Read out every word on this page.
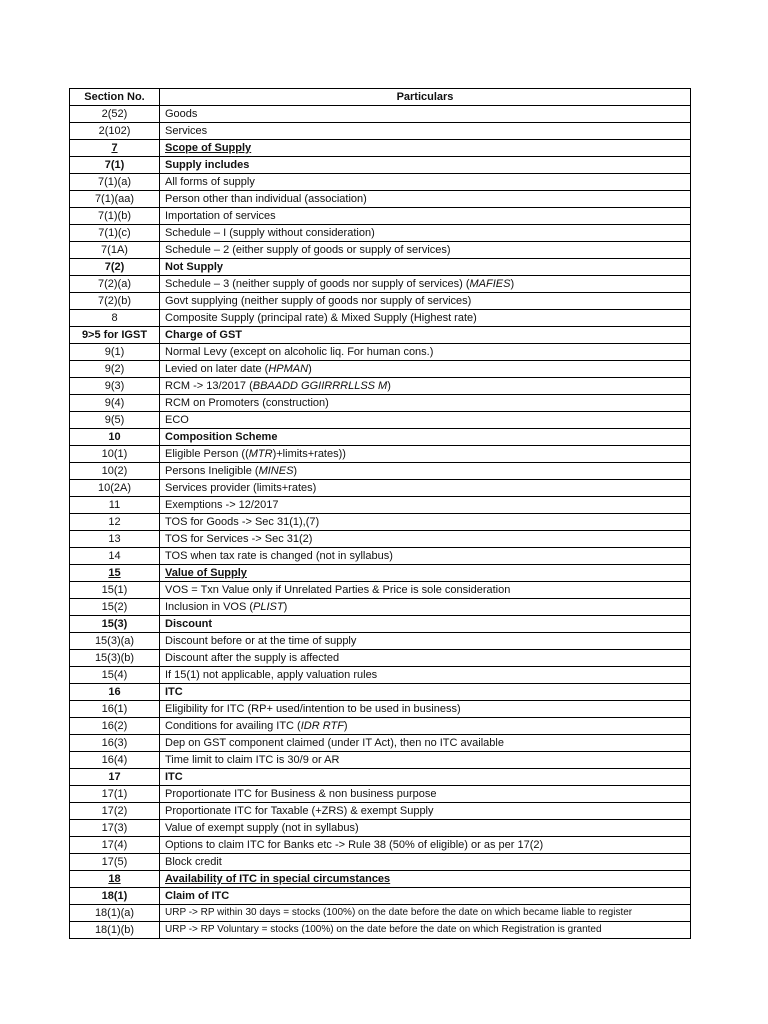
Section No.	Particulars
2(52)	Goods
2(102)	Services
7	Scope of Supply
7(1)	Supply includes
7(1)(a)	All forms of supply
7(1)(aa)	Person other than individual (association)
7(1)(b)	Importation of services
7(1)(c)	Schedule – I (supply without consideration)
7(1A)	Schedule – 2 (either supply of goods or supply of services)
7(2)	Not Supply
7(2)(a)	Schedule – 3 (neither supply of goods nor supply of services) (MAFIES)
7(2)(b)	Govt supplying (neither supply of goods nor supply of services)
8	Composite Supply (principal rate) & Mixed Supply (Highest rate)
9>5 for IGST	Charge of GST
9(1)	Normal Levy (except on alcoholic liq. For human cons.)
9(2)	Levied on later date (HPMAN)
9(3)	RCM -> 13/2017 (BBAADD GGIIRRRLLSS M)
9(4)	RCM on Promoters (construction)
9(5)	ECO
10	Composition Scheme
10(1)	Eligible Person ((MTR)+limits+rates))
10(2)	Persons Ineligible (MINES)
10(2A)	Services provider (limits+rates)
11	Exemptions -> 12/2017
12	TOS for Goods -> Sec 31(1),(7)
13	TOS for Services -> Sec 31(2)
14	TOS when tax rate is changed (not in syllabus)
15	Value of Supply
15(1)	VOS = Txn Value only if Unrelated Parties & Price is sole consideration
15(2)	Inclusion in VOS (PLIST)
15(3)	Discount
15(3)(a)	Discount before or at the time of supply
15(3)(b)	Discount after the supply is affected
15(4)	If 15(1) not applicable, apply valuation rules
16	ITC
16(1)	Eligibility for ITC (RP+ used/intention to be used in business)
16(2)	Conditions for availing ITC (IDR RTF)
16(3)	Dep on GST component claimed (under IT Act), then no ITC available
16(4)	Time limit to claim ITC is 30/9 or AR
17	ITC
17(1)	Proportionate ITC for Business & non business purpose
17(2)	Proportionate ITC for Taxable (+ZRS) & exempt Supply
17(3)	Value of exempt supply (not in syllabus)
17(4)	Options to claim ITC for Banks etc -> Rule 38 (50% of eligible) or as per 17(2)
17(5)	Block credit
18	Availability of ITC in special circumstances
18(1)	Claim of ITC
18(1)(a)	URP -> RP within 30 days = stocks (100%) on the date before the date on which became liable to register
18(1)(b)	URP -> RP Voluntary = stocks (100%) on the date before the date on which Registration is granted
